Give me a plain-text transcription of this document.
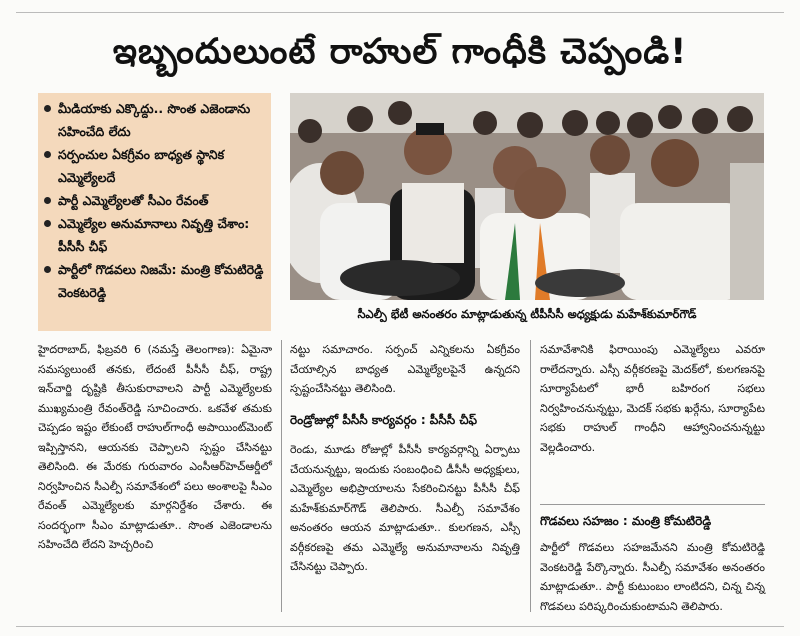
ఇబ్బందులుంటే రాహుల్ గాంధీకి చెప్పండి!
మీడియాకు ఎక్కొద్దు.. సొంత ఎజెండాను సహించేది లేదు
సర్పంచుల ఏకగ్రీవం బాధ్యత స్థానిక ఎమ్మెల్యేలదే
పార్టీ ఎమ్మెల్యేలతో సీఎం రేవంత్
ఎమ్మెల్యేల అనుమానాలు నివృత్తి చేశాం: పీసీసీ చీఫ్
పార్టీలో గొడవలు నిజమే: మంత్రి కోమటిరెడ్డి వెంకటరెడ్డి
సీఎల్పీ భేటీ అనంతరం మాట్లాడుతున్న టీపీసీసీ అధ్యక్షుడు మహేశ్‌కుమార్‌గౌడ్

హైదరాబాద్, ఫిబ్రవరి 6 (నమస్తే తెలంగాణ): ఏమైనా సమస్యలుంటే తనకు, లేదంటే పీసీసీ చీఫ్, రాష్ట్ర ఇన్‌చార్జి దృష్టికి తీసుకురావాలని పార్టీ ఎమ్మెల్యేలకు ముఖ్యమంత్రి రేవంత్‌రెడ్డి సూచించారు. ఒకవేళ తమకు చెప్పడం ఇష్టం లేకుంటే రాహుల్‌గాంధీ అపాయింట్‌మెంట్ ఇప్పిస్తానని, ఆయనకు చెప్పాలని స్పష్టం చేసినట్టు తెలిసింది. ఈ మేరకు గురువారం ఎంసీఆర్‌హెచ్‌ఆర్డీలో నిర్వహించిన సీఎల్పీ సమావేశంలో పలు అంశాలపై సీఎం రేవంత్ ఎమ్మెల్యేలకు మార్గనిర్దేశం చేశారు. ఈ సందర్భంగా సీఎం మాట్లాడుతూ.. సొంత ఎజెండాలను సహించేది లేదని హెచ్చరించి

నట్టు సమాచారం. సర్పంచ్ ఎన్నికలను ఏకగ్రీవం చేయాల్సిన బాధ్యత ఎమ్మెల్యేలపైనే ఉన్నదని స్పష్టంచేసినట్టు తెలిసింది.

రెండ్రోజుల్లో పీసీసీ కార్యవర్గం : పీసీసీ చీఫ్

రెండు, మూడు రోజుల్లో పీసీసీ కార్యవర్గాన్ని ఏర్పాటు చేయనున్నట్టు, ఇందుకు సంబంధించి డీసీసీ అధ్యక్షులు, ఎమ్మెల్యేల అభిప్రాయాలను సేకరించినట్టు పీసీసీ చీఫ్ మహేశ్‌కుమార్‌గౌడ్ తెలిపారు. సీఎల్పీ సమావేశం అనంతరం ఆయన మాట్లాడుతూ.. కులగణన, ఎస్సీ వర్గీకరణపై తమ ఎమ్మెల్యే అనుమానాలను నివృత్తి చేసినట్టు చెప్పారు.

సమావేశానికి ఫిరాయింపు ఎమ్మెల్యేలు ఎవరూ రాలేదన్నారు. ఎస్సీ వర్గీకరణపై మెదక్‌లో, కులగణనపై సూర్యాపేటలో భారీ బహిరంగ సభలు నిర్వహించనున్నట్టు, మెదక్ సభకు ఖర్గేను, సూర్యాపేట సభకు రాహుల్ గాంధీని ఆహ్వానించనున్నట్టు వెల్లడించారు.

గొడవలు సహజం : మంత్రి కోమటిరెడ్డి

పార్టీలో గొడవలు సహజమేనని మంత్రి కోమటిరెడ్డి వెంకటరెడ్డి పేర్కొన్నారు. సీఎల్పీ సమావేశం అనంతరం మాట్లాడుతూ.. పార్టీ కుటుంబం లాంటిదని, చిన్న చిన్న గొడవలు పరిష్కరించుకుంటామని తెలిపారు.
